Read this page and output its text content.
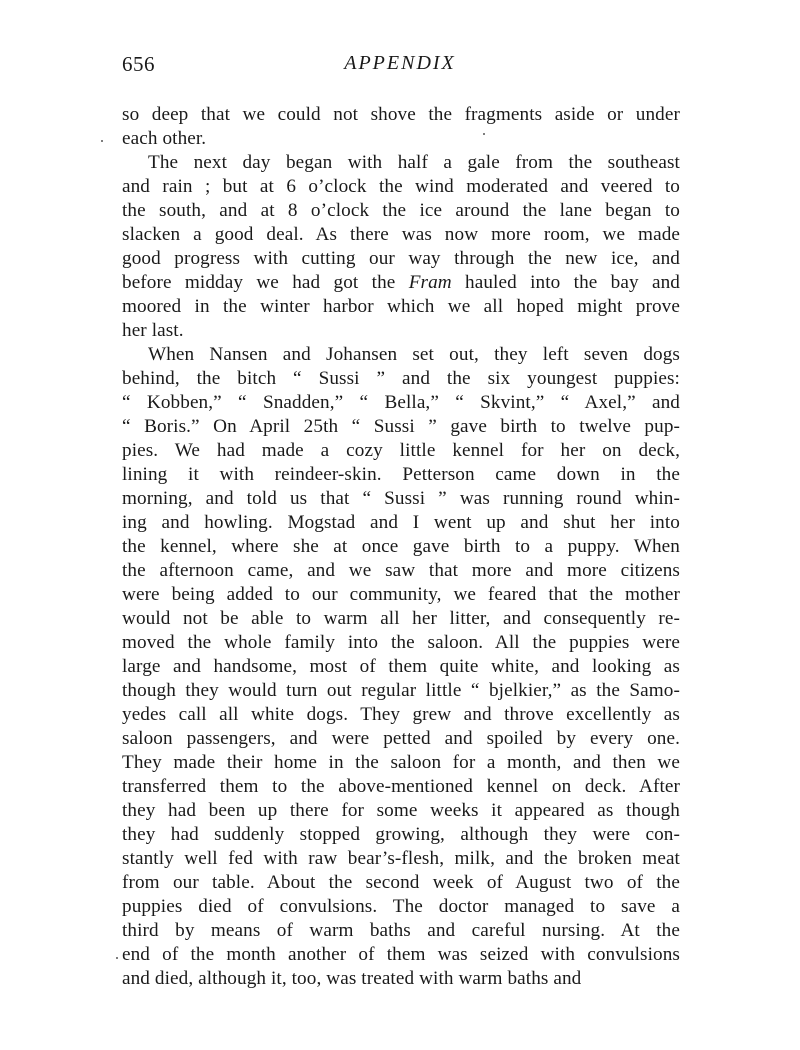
656	APPENDIX
so deep that we could not shove the fragments aside or under
each other.
The next day began with half a gale from the southeast
and rain ; but at 6 o’clock the wind moderated and veered to
the south, and at 8 o’clock the ice around the lane began to
slacken a good deal. As there was now more room, we made
good progress with cutting our way through the new ice, and
before midday we had got the Fram hauled into the bay and
moored in the winter harbor which we all hoped might prove
her last.
When Nansen and Johansen set out, they left seven dogs
behind, the bitch “ Sussi ” and the six youngest puppies:
“ Kobben,” “ Snadden,” “ Bella,” “ Skvint,” “ Axel,” and
“ Boris.” On April 25th “ Sussi ” gave birth to twelve pup-
pies. We had made a cozy little kennel for her on deck,
lining it with reindeer-skin. Petterson came down in the
morning, and told us that “ Sussi ” was running round whin-
ing and howling. Mogstad and I went up and shut her into
the kennel, where she at once gave birth to a puppy. When
the afternoon came, and we saw that more and more citizens
were being added to our community, we feared that the mother
would not be able to warm all her litter, and consequently re-
moved the whole family into the saloon. All the puppies were
large and handsome, most of them quite white, and looking as
though they would turn out regular little “ bjelkier,” as the Samo-
yedes call all white dogs. They grew and throve excellently as
saloon passengers, and were petted and spoiled by every one.
They made their home in the saloon for a month, and then we
transferred them to the above-mentioned kennel on deck. After
they had been up there for some weeks it appeared as though
they had suddenly stopped growing, although they were con-
stantly well fed with raw bear’s-flesh, milk, and the broken meat
from our table. About the second week of August two of the
puppies died of convulsions. The doctor managed to save a
third by means of warm baths and careful nursing. At the
end of the month another of them was seized with convulsions
and died, although it, too, was treated with warm baths and
